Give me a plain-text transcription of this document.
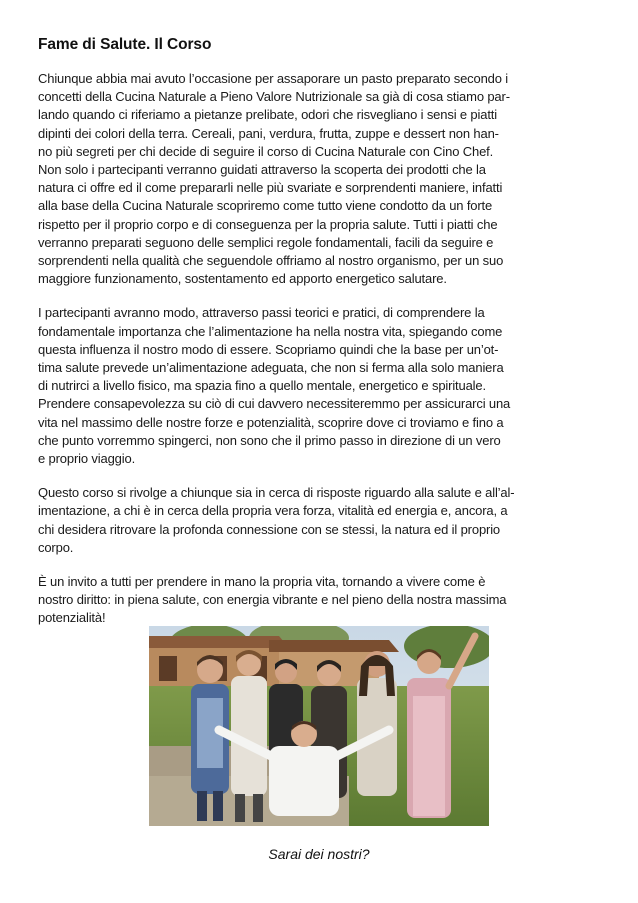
Fame di Salute. Il Corso
Chiunque abbia mai avuto l’occasione per assaporare un pasto preparato secondo i
concetti della Cucina Naturale a Pieno Valore Nutrizionale sa già di cosa stiamo par-
lando quando ci riferiamo a pietanze prelibate, odori che risvegliano i sensi e piatti
dipinti dei colori della terra. Cereali, pani, verdura, frutta, zuppe e dessert non han-
no più segreti per chi decide di seguire il corso di Cucina Naturale con Cino Chef.
Non solo i partecipanti verranno guidati attraverso la scoperta dei prodotti che la
natura ci offre ed il come prepararli nelle più svariate e sorprendenti maniere, infatti
alla base della Cucina Naturale scopriremo come tutto viene condotto da un forte
rispetto per il proprio corpo e di conseguenza per la propria salute. Tutti i piatti che
verranno preparati seguono delle semplici regole fondamentali, facili da seguire e
sorprendenti nella qualità che seguendole offriamo al nostro organismo, per un suo
maggiore funzionamento, sostentamento ed apporto energetico salutare.
I partecipanti avranno modo, attraverso passi teorici e pratici, di comprendere la
fondamentale importanza che l’alimentazione ha nella nostra vita, spiegando come
questa influenza il nostro modo di essere. Scopriamo quindi che la base per un’ot-
tima salute prevede un’alimentazione adeguata, che non si ferma alla solo maniera
di nutrirci a livello fisico, ma spazia fino a quello mentale, energetico e spirituale.
Prendere consapevolezza su ciò di cui davvero necessiteremmo per assicurarci una
vita nel massimo delle nostre forze e potenzialità, scoprire dove ci troviamo e fino a
che punto vorremmo spingerci, non sono che il primo passo in direzione di un vero
e proprio viaggio.
Questo corso si rivolge a chiunque sia in cerca di risposte riguardo alla salute e all’al-
imentazione, a chi è in cerca della propria vera forza, vitalità ed energia e, ancora, a
chi desidera ritrovare la profonda connessione con se stessi, la natura ed il proprio
corpo.
È un invito a tutti per prendere in mano la propria vita, tornando a vivere come è
nostro diritto: in piena salute, con energia vibrante e nel pieno della nostra massima
potenzialità!
Sarai dei nostri?
